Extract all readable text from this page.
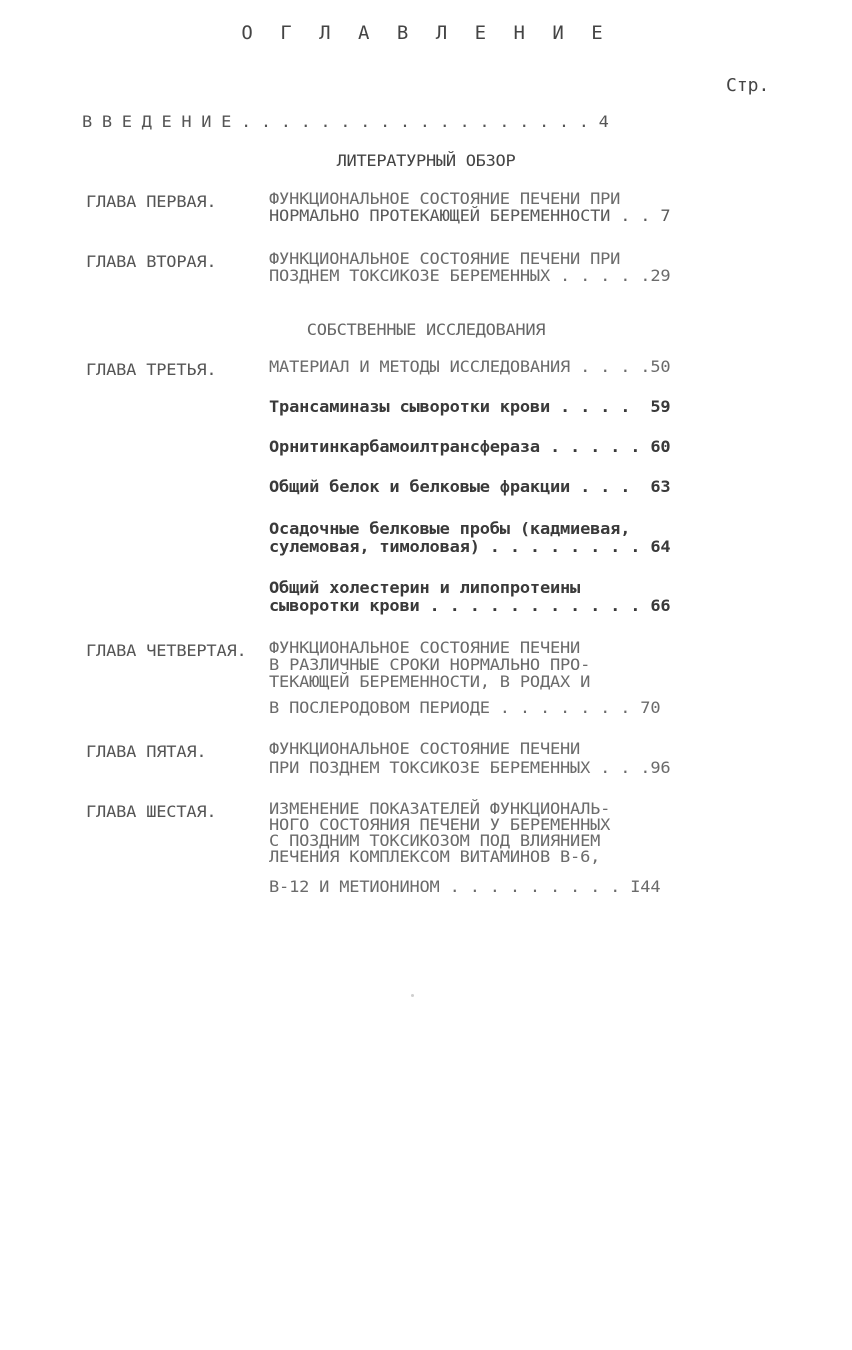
О Г Л А В Л Е Н И Е
Стр.
В В Е Д Е Н И Е . . . . . . . . . . . . . . . . . . 4
ЛИТЕРАТУРНЫЙ ОБЗОР
ГЛАВА ПЕРВАЯ.	ФУНКЦИОНАЛЬНОЕ СОСТОЯНИЕ ПЕЧЕНИ ПРИ
НОРМАЛЬНО ПРОТЕКАЮЩЕЙ БЕРЕМЕННОСТИ . . 7
ГЛАВА ВТОРАЯ.	ФУНКЦИОНАЛЬНОЕ СОСТОЯНИЕ ПЕЧЕНИ ПРИ
ПОЗДНЕМ ТОКСИКОЗЕ БЕРЕМЕННЫХ . . . . .29
СОБСТВЕННЫЕ ИССЛЕДОВАНИЯ
ГЛАВА ТРЕТЬЯ.	МАТЕРИАЛ И МЕТОДЫ ИССЛЕДОВАНИЯ . . . .50
Трансаминазы сыворотки крови . . . .  59
Орнитинкарбамоилтрансфераза . . . . . 60
Общий белок и белковые фракции . . .  63
Осадочные белковые пробы (кадмиевая,
сулемовая, тимоловая) . . . . . . . . 64
Общий холестерин и липопротеины
сыворотки крови . . . . . . . . . . . 66
ГЛАВА ЧЕТВЕРТАЯ. ФУНКЦИОНАЛЬНОЕ СОСТОЯНИЕ ПЕЧЕНИ
В РАЗЛИЧНЫЕ СРОКИ НОРМАЛЬНО ПРО-
ТЕКАЮЩЕЙ БЕРЕМЕННОСТИ, В РОДАХ И
В ПОСЛЕРОДОВОМ ПЕРИОДЕ . . . . . . . 70
ГЛАВА ПЯТАЯ.	ФУНКЦИОНАЛЬНОЕ СОСТОЯНИЕ ПЕЧЕНИ
ПРИ ПОЗДНЕМ ТОКСИКОЗЕ БЕРЕМЕННЫХ . . .96
ГЛАВА ШЕСТАЯ.	ИЗМЕНЕНИЕ ПОКАЗАТЕЛЕЙ ФУНКЦИОНАЛЬ-
НОГО СОСТОЯНИЯ ПЕЧЕНИ У БЕРЕМЕННЫХ
С ПОЗДНИМ ТОКСИКОЗОМ ПОД ВЛИЯНИЕМ
ЛЕЧЕНИЯ КОМПЛЕКСОМ ВИТАМИНОВ В-6,
В-12 И МЕТИОНИНОМ . . . . . . . . . I44
